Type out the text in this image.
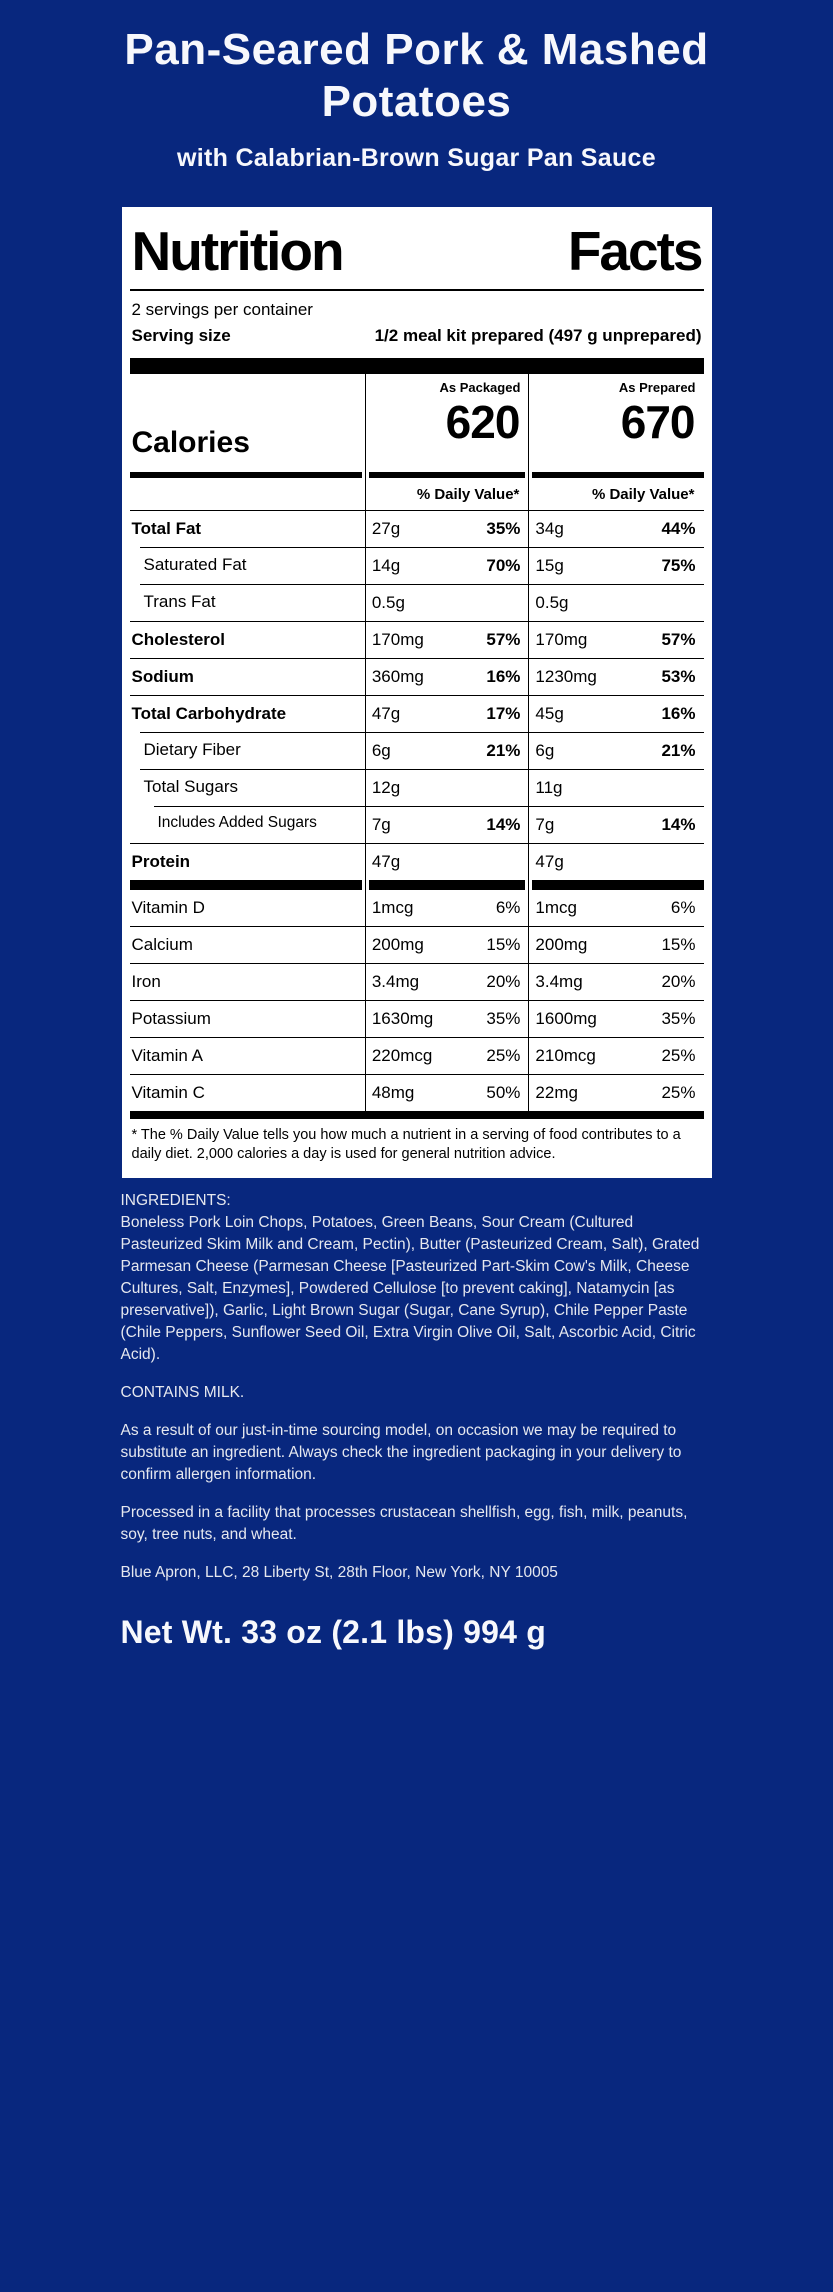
Pan-Seared Pork & Mashed
Potatoes
with Calabrian-Brown Sugar Pan Sauce
Nutrition	Facts
2 servings per container
Serving size	1/2 meal kit prepared (497 g unprepared)
Calories
As Packaged
620
As Prepared
670
% Daily Value*	% Daily Value*
Total Fat	27g	35% 34g	44%
Saturated Fat	14g	70% 15g	75%
Trans Fat	0.5g	0.5g
Cholesterol	170mg	57% 170mg	57%
Sodium	360mg	16% 1230mg	53%
Total Carbohydrate	47g	17% 45g	16%
Dietary Fiber	6g	21% 6g	21%
Total Sugars	12g	11g
Includes Added Sugars	7g	14% 7g	14%
Protein	47g	47g
Vitamin D	1mcg	6% 1mcg	6%
Calcium	200mg	15% 200mg	15%
Iron	3.4mg	20% 3.4mg	20%
Potassium	1630mg	35% 1600mg	35%
Vitamin A	220mcg	25% 210mcg	25%
Vitamin C	48mg	50% 22mg	25%
* The % Daily Value tells you how much a nutrient in a serving of food contributes to a daily diet. 2,000 calories a day is used for general nutrition advice.

INGREDIENTS:

Boneless Pork Loin Chops, Potatoes, Green Beans, Sour Cream (Cultured Pasteurized Skim Milk and Cream, Pectin), Butter (Pasteurized Cream, Salt), Grated Parmesan Cheese (Parmesan Cheese [Pasteurized Part-Skim Cow's Milk, Cheese Cultures, Salt, Enzymes], Powdered Cellulose [to prevent caking], Natamycin [as preservative]), Garlic, Light Brown Sugar (Sugar, Cane Syrup), Chile Pepper Paste (Chile Peppers, Sunflower Seed Oil, Extra Virgin Olive Oil, Salt, Ascorbic Acid, Citric Acid).

CONTAINS MILK.

As a result of our just-in-time sourcing model, on occasion we may be required to substitute an ingredient. Always check the ingredient packaging in your delivery to confirm allergen information.

Processed in a facility that processes crustacean shellfish, egg, fish, milk, peanuts, soy, tree nuts, and wheat.

Blue Apron, LLC, 28 Liberty St, 28th Floor, New York, NY 10005

Net Wt. 33 oz (2.1 lbs) 994 g
